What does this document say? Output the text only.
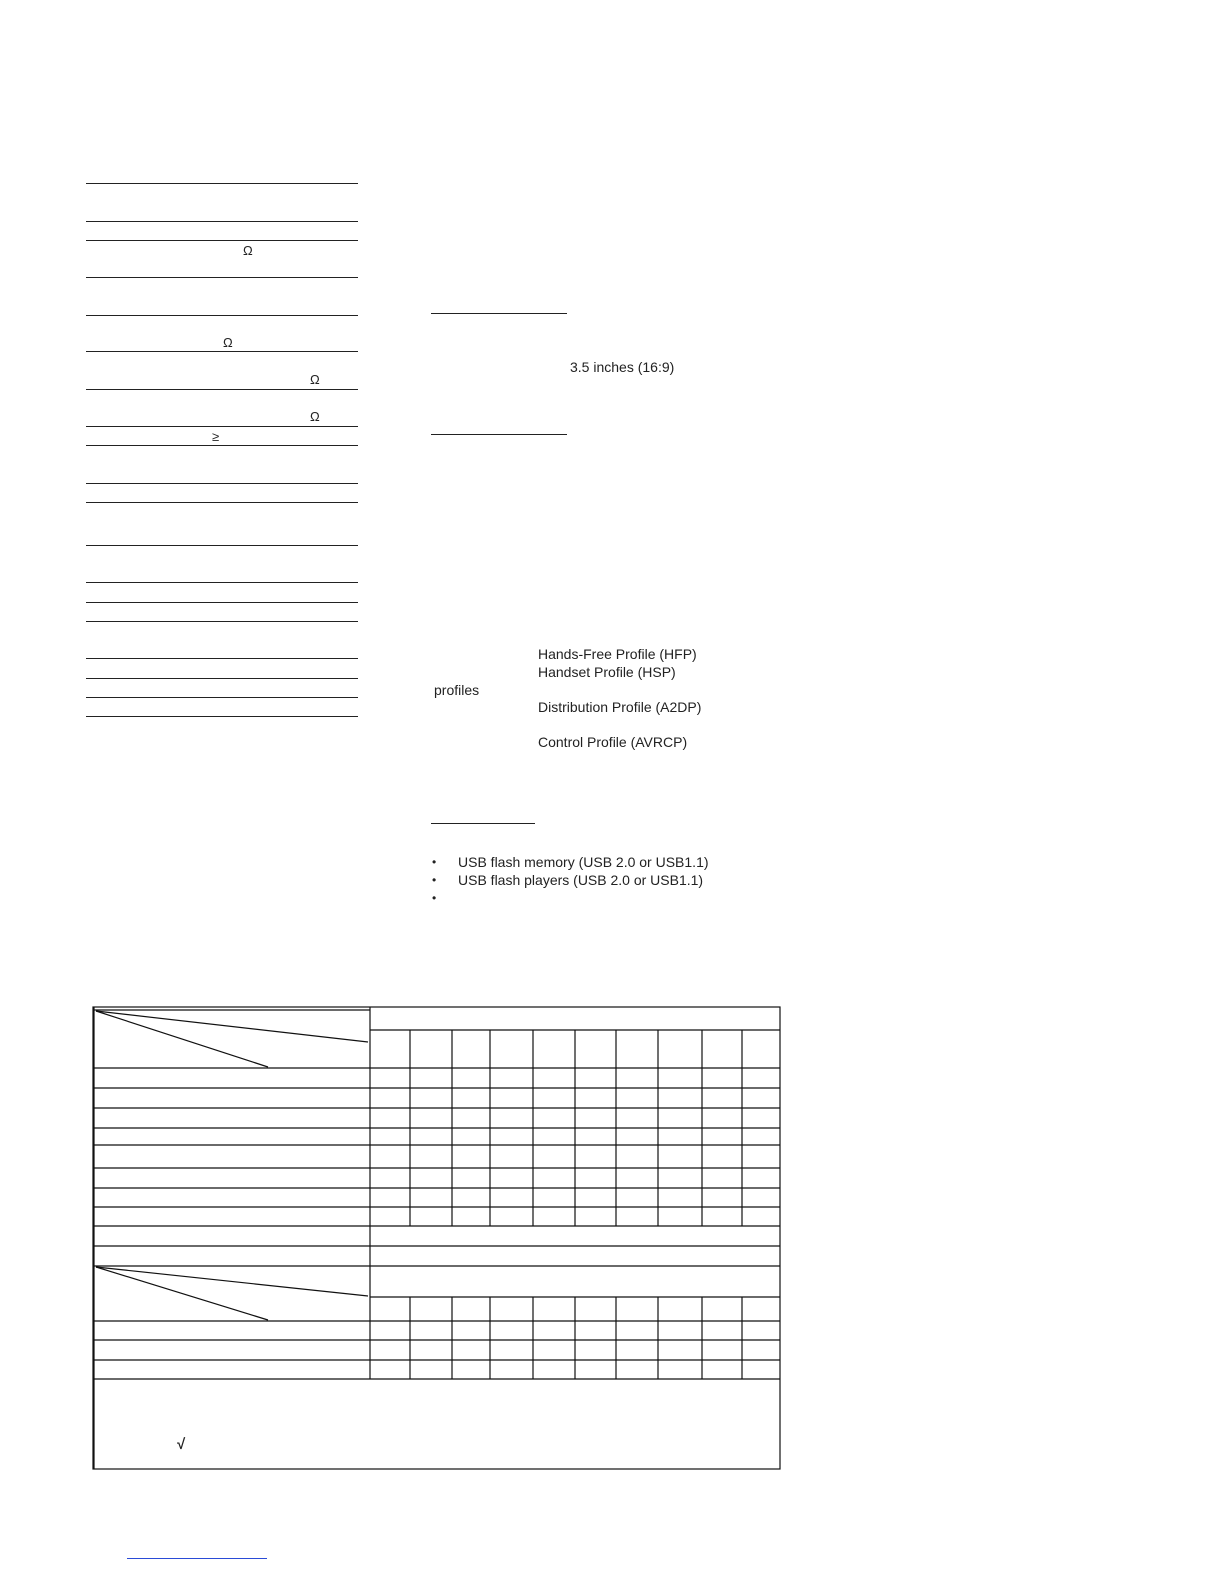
Ω
Ω
Ω
Ω
≥
3.5 inches (16:9)
Hands-Free Profile (HFP)
Handset Profile (HSP)
profiles
Distribution Profile (A2DP)
Control Profile (AVRCP)
• USB flash memory (USB 2.0 or USB1.1)
• USB flash players (USB 2.0 or USB1.1)
•
√
